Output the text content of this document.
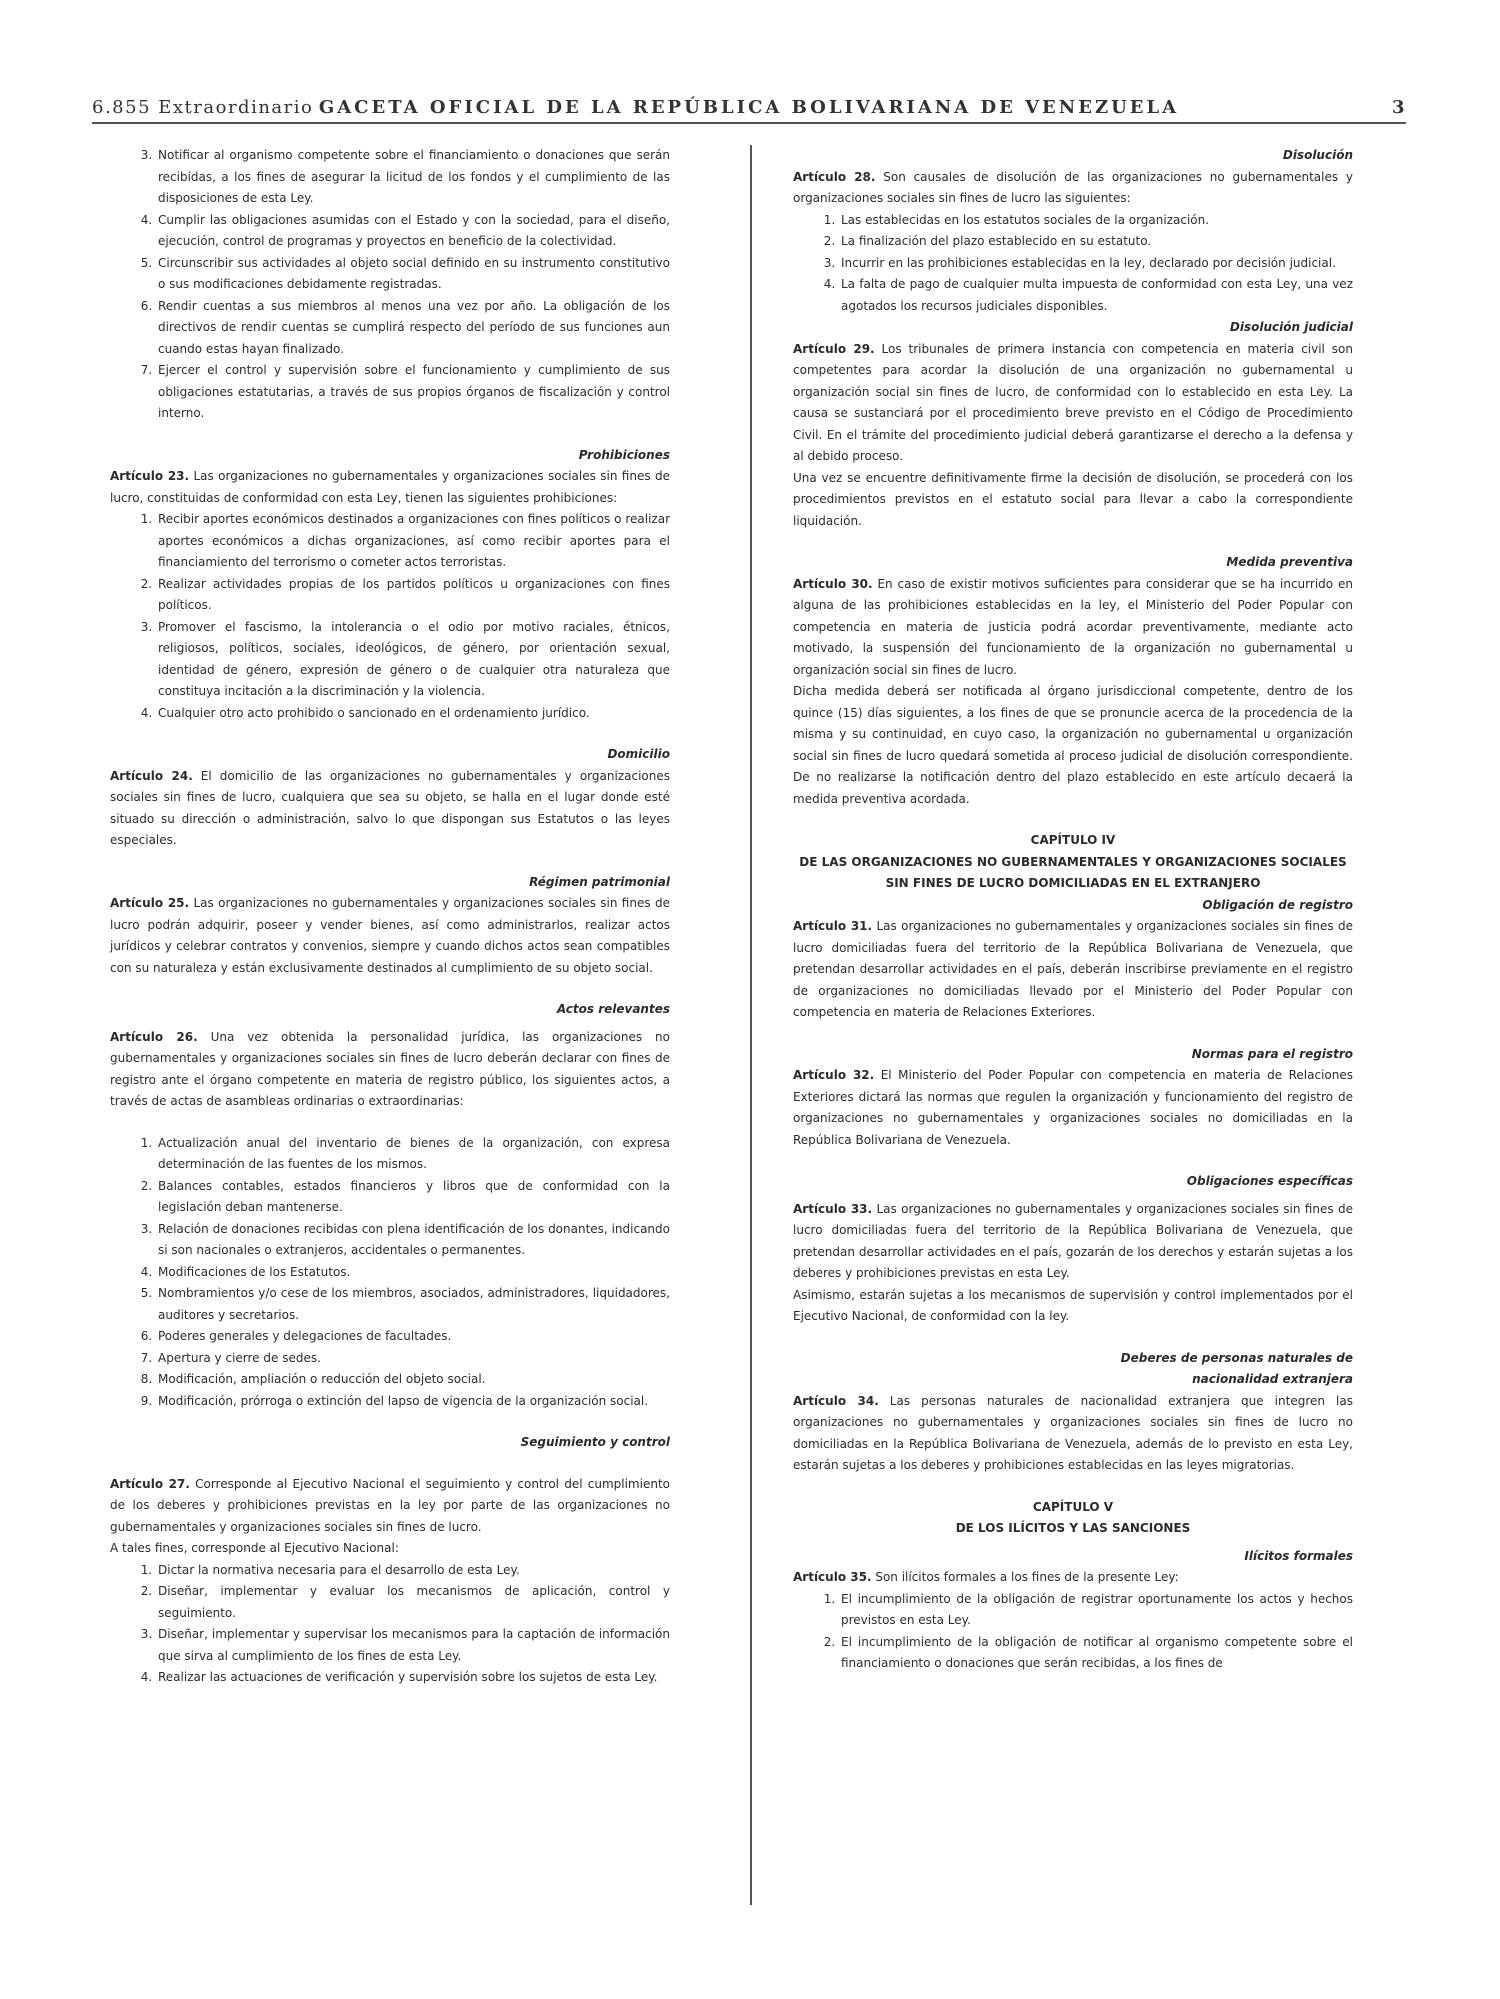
6.855 Extraordinario GACETA OFICIAL DE LA REPÚBLICA BOLIVARIANA DE VENEZUELA	3
3. Notificar al organismo competente sobre el financiamiento o donaciones que serán recibidas, a los fines de asegurar la licitud de los fondos y el cumplimiento de las disposiciones de esta Ley.
4. Cumplir las obligaciones asumidas con el Estado y con la sociedad, para el diseño, ejecución, control de programas y proyectos en beneficio de la colectividad.
5. Circunscribir sus actividades al objeto social definido en su instrumento constitutivo o sus modificaciones debidamente registradas.
6. Rendir cuentas a sus miembros al menos una vez por año. La obligación de los directivos de rendir cuentas se cumplirá respecto del período de sus funciones aun cuando estas hayan finalizado.
7. Ejercer el control y supervisión sobre el funcionamiento y cumplimiento de sus obligaciones estatutarias, a través de sus propios órganos de fiscalización y control interno.

Prohibiciones

Artículo 23. Las organizaciones no gubernamentales y organizaciones sociales sin fines de lucro, constituidas de conformidad con esta Ley, tienen las siguientes prohibiciones:

1. Recibir aportes económicos destinados a organizaciones con fines políticos o realizar aportes económicos a dichas organizaciones, así como recibir aportes para el financiamiento del terrorismo o cometer actos terroristas.
2. Realizar actividades propias de los partidos políticos u organizaciones con fines políticos.
3. Promover el fascismo, la intolerancia o el odio por motivo raciales, étnicos, religiosos, políticos, sociales, ideológicos, de género, por orientación sexual, identidad de género, expresión de género o de cualquier otra naturaleza que constituya incitación a la discriminación y la violencia.
4. Cualquier otro acto prohibido o sancionado en el ordenamiento jurídico.

Domicilio

Artículo 24. El domicilio de las organizaciones no gubernamentales y organizaciones sociales sin fines de lucro, cualquiera que sea su objeto, se halla en el lugar donde esté situado su dirección o administración, salvo lo que dispongan sus Estatutos o las leyes especiales.

Régimen patrimonial

Artículo 25. Las organizaciones no gubernamentales y organizaciones sociales sin fines de lucro podrán adquirir, poseer y vender bienes, así como administrarlos, realizar actos jurídicos y celebrar contratos y convenios, siempre y cuando dichos actos sean compatibles con su naturaleza y están exclusivamente destinados al cumplimiento de su objeto social.

Actos relevantes

Artículo 26. Una vez obtenida la personalidad jurídica, las organizaciones no gubernamentales y organizaciones sociales sin fines de lucro deberán declarar con fines de registro ante el órgano competente en materia de registro público, los siguientes actos, a través de actas de asambleas ordinarias o extraordinarias:

1. Actualización anual del inventario de bienes de la organización, con expresa determinación de las fuentes de los mismos.
2. Balances contables, estados financieros y libros que de conformidad con la legislación deban mantenerse.
3. Relación de donaciones recibidas con plena identificación de los donantes, indicando si son nacionales o extranjeros, accidentales o permanentes.
4. Modificaciones de los Estatutos.
5. Nombramientos y/o cese de los miembros, asociados, administradores, liquidadores, auditores y secretarios.
6. Poderes generales y delegaciones de facultades.
7. Apertura y cierre de sedes.
8. Modificación, ampliación o reducción del objeto social.
9. Modificación, prórroga o extinción del lapso de vigencia de la organización social.

Seguimiento y control

Artículo 27. Corresponde al Ejecutivo Nacional el seguimiento y control del cumplimiento de los deberes y prohibiciones previstas en la ley por parte de las organizaciones no gubernamentales y organizaciones sociales sin fines de lucro.

A tales fines, corresponde al Ejecutivo Nacional:

1. Dictar la normativa necesaria para el desarrollo de esta Ley.
2. Diseñar, implementar y evaluar los mecanismos de aplicación, control y seguimiento.
3. Diseñar, implementar y supervisar los mecanismos para la captación de información que sirva al cumplimiento de los fines de esta Ley.
4. Realizar las actuaciones de verificación y supervisión sobre los sujetos de esta Ley.

Disolución

Artículo 28. Son causales de disolución de las organizaciones no gubernamentales y organizaciones sociales sin fines de lucro las siguientes:

1. Las establecidas en los estatutos sociales de la organización.
2. La finalización del plazo establecido en su estatuto.
3. Incurrir en las prohibiciones establecidas en la ley, declarado por decisión judicial.
4. La falta de pago de cualquier multa impuesta de conformidad con esta Ley, una vez agotados los recursos judiciales disponibles.

Disolución judicial

Artículo 29. Los tribunales de primera instancia con competencia en materia civil son competentes para acordar la disolución de una organización no gubernamental u organización social sin fines de lucro, de conformidad con lo establecido en esta Ley. La causa se sustanciará por el procedimiento breve previsto en el Código de Procedimiento Civil. En el trámite del procedimiento judicial deberá garantizarse el derecho a la defensa y al debido proceso.

Una vez se encuentre definitivamente firme la decisión de disolución, se procederá con los procedimientos previstos en el estatuto social para llevar a cabo la correspondiente liquidación.

Medida preventiva

Artículo 30. En caso de existir motivos suficientes para considerar que se ha incurrido en alguna de las prohibiciones establecidas en la ley, el Ministerio del Poder Popular con competencia en materia de justicia podrá acordar preventivamente, mediante acto motivado, la suspensión del funcionamiento de la organización no gubernamental u organización social sin fines de lucro.

Dicha medida deberá ser notificada al órgano jurisdiccional competente, dentro de los quince (15) días siguientes, a los fines de que se pronuncie acerca de la procedencia de la misma y su continuidad, en cuyo caso, la organización no gubernamental u organización social sin fines de lucro quedará sometida al proceso judicial de disolución correspondiente. De no realizarse la notificación dentro del plazo establecido en este artículo decaerá la medida preventiva acordada.

CAPÍTULO IV

DE LAS ORGANIZACIONES NO GUBERNAMENTALES Y ORGANIZACIONES SOCIALES SIN FINES DE LUCRO DOMICILIADAS EN EL EXTRANJERO

Obligación de registro

Artículo 31. Las organizaciones no gubernamentales y organizaciones sociales sin fines de lucro domiciliadas fuera del territorio de la República Bolivariana de Venezuela, que pretendan desarrollar actividades en el país, deberán inscribirse previamente en el registro de organizaciones no domiciliadas llevado por el Ministerio del Poder Popular con competencia en materia de Relaciones Exteriores.

Normas para el registro

Artículo 32. El Ministerio del Poder Popular con competencia en materia de Relaciones Exteriores dictará las normas que regulen la organización y funcionamiento del registro de organizaciones no gubernamentales y organizaciones sociales no domiciliadas en la República Bolivariana de Venezuela.

Obligaciones específicas

Artículo 33. Las organizaciones no gubernamentales y organizaciones sociales sin fines de lucro domiciliadas fuera del territorio de la República Bolivariana de Venezuela, que pretendan desarrollar actividades en el país, gozarán de los derechos y estarán sujetas a los deberes y prohibiciones previstas en esta Ley.

Asimismo, estarán sujetas a los mecanismos de supervisión y control implementados por el Ejecutivo Nacional, de conformidad con la ley.

Deberes de personas naturales de

nacionalidad extranjera

Artículo 34. Las personas naturales de nacionalidad extranjera que integren las organizaciones no gubernamentales y organizaciones sociales sin fines de lucro no domiciliadas en la República Bolivariana de Venezuela, además de lo previsto en esta Ley, estarán sujetas a los deberes y prohibiciones establecidas en las leyes migratorias.

CAPÍTULO V

DE LOS ILÍCITOS Y LAS SANCIONES

Ilícitos formales

Artículo 35. Son ilícitos formales a los fines de la presente Ley:

1. El incumplimiento de la obligación de registrar oportunamente los actos y hechos previstos en esta Ley.
2. El incumplimiento de la obligación de notificar al organismo competente sobre el financiamiento o donaciones que serán recibidas, a los fines de
